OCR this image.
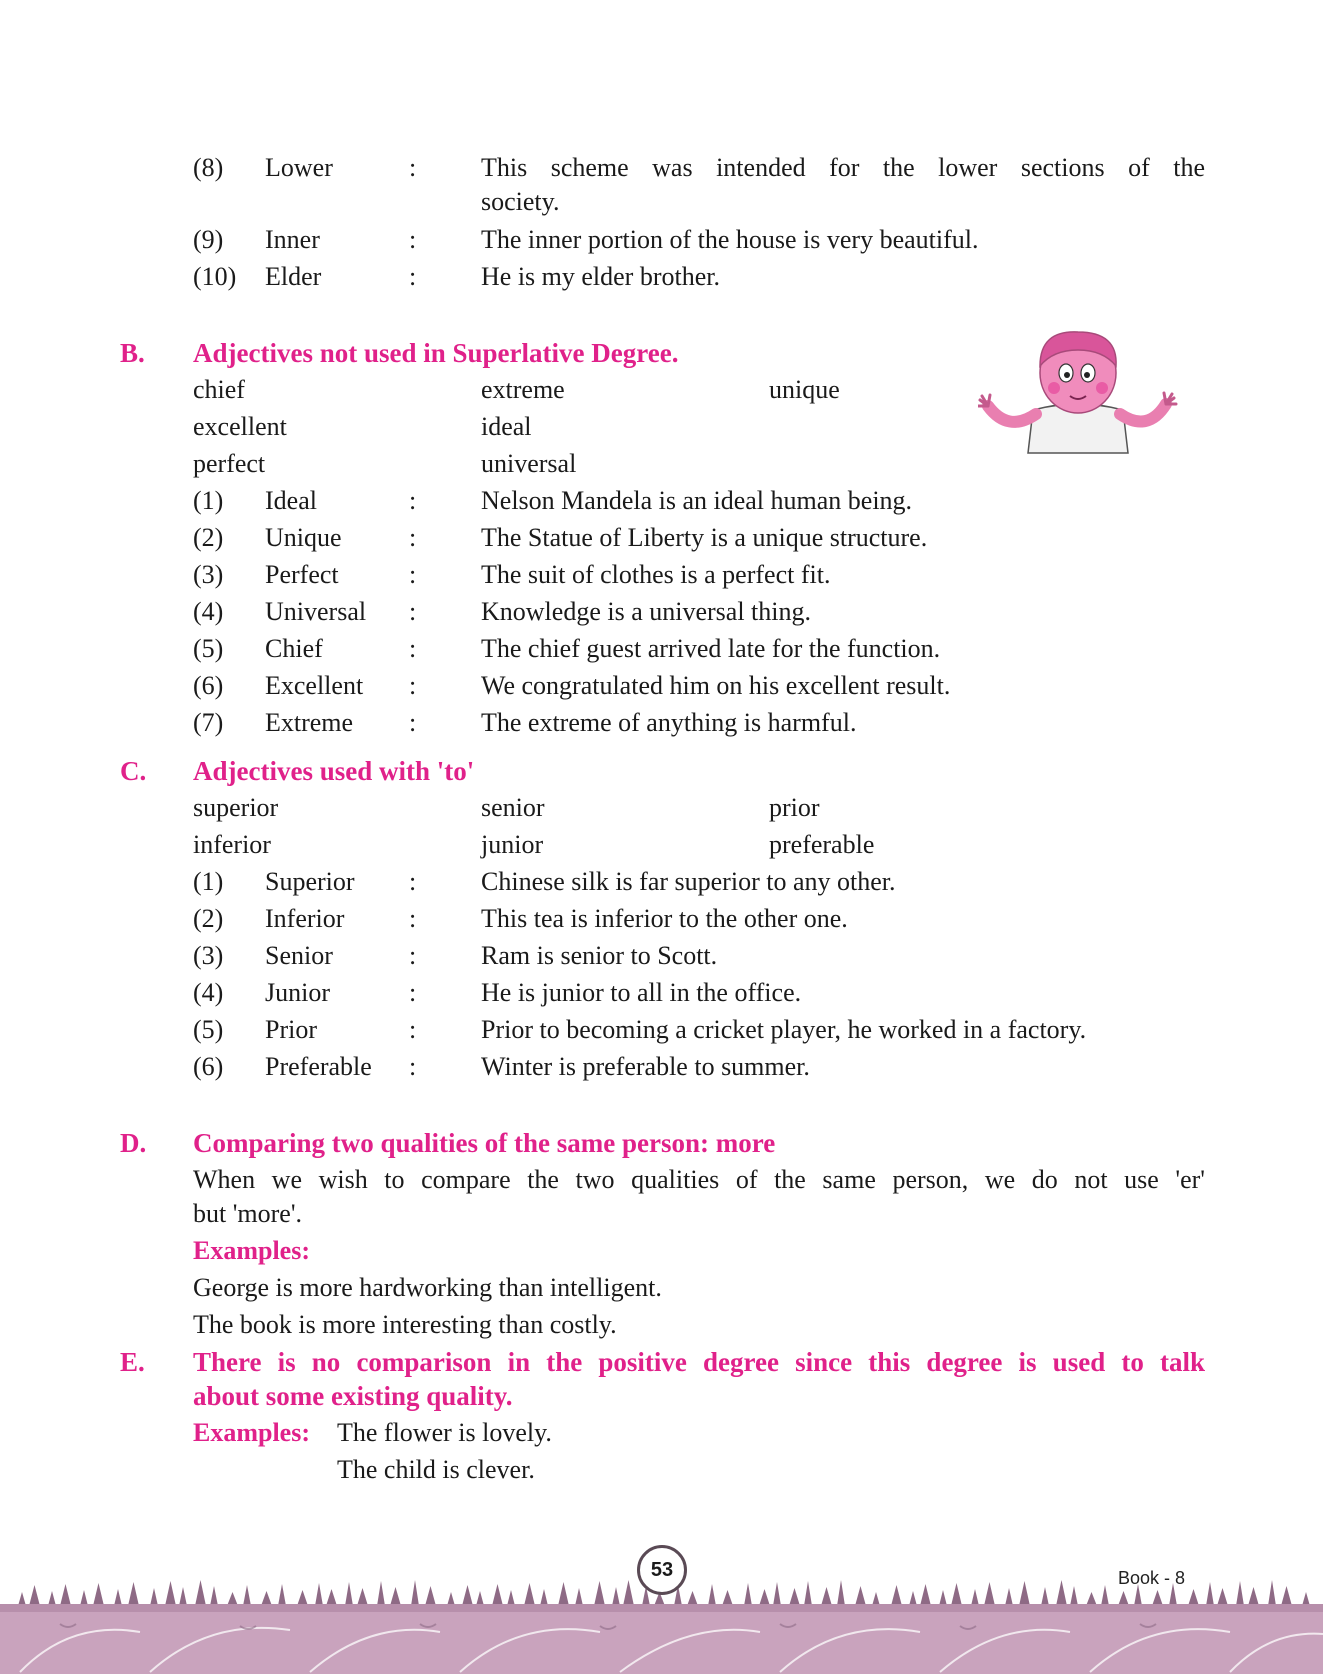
(8)	Lower	: This scheme was intended for the lower sections of the
society.
(9) Inner	: The inner portion of the house is very beautiful.
(10) Elder	: He is my elder brother.
B. Adjectives not used in Superlative Degree.
chief	extreme	unique
excellent	ideal
perfect	universal
(1) Ideal	: Nelson Mandela is an ideal human being.
(2) Unique	: The Statue of Liberty is a unique structure.
(3) Perfect	: The suit of clothes is a perfect fit.
(4) Universal : Knowledge is a universal thing.
(5) Chief	: The chief guest arrived late for the function.
(6) Excellent : We congratulated him on his excellent result.
(7) Extreme : The extreme of anything is harmful.
C. Adjectives used with 'to'
superior	senior	prior
inferior	junior	preferable
(1) Superior : Chinese silk is far superior to any other.
(2) Inferior : This tea is inferior to the other one.
(3) Senior	: Ram is senior to Scott.
(4) Junior	: He is junior to all in the office.
(5) Prior	: Prior to becoming a cricket player, he worked in a factory.
(6) Preferable : Winter is preferable to summer.
D. Comparing two qualities of the same person: more
When we wish to compare the two qualities of the same person, we do not use 'er'
but 'more'.
Examples:
George is more hardworking than intelligent.
The book is more interesting than costly.
E. There is no comparison in the positive degree since this degree is used to talk
about some existing quality.
Examples: The flower is lovely.
The child is clever.
53	Book - 8
